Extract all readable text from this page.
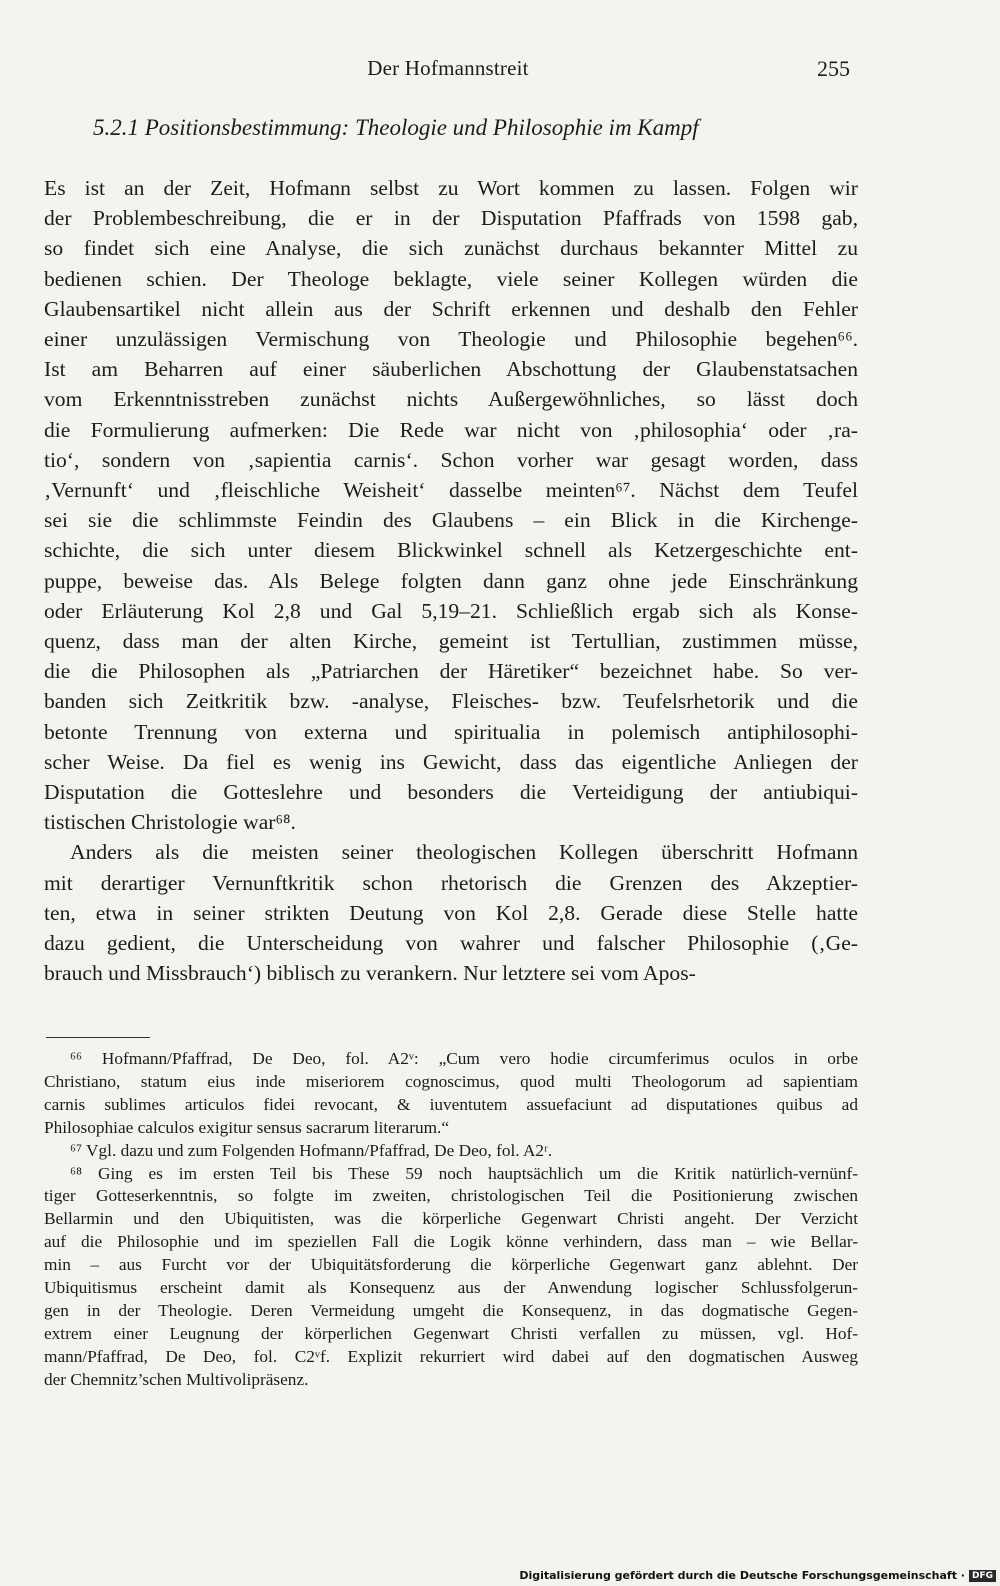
Der Hofmannstreit	255
5.2.1 Positionsbestimmung: Theologie und Philosophie im Kampf

Es ist an der Zeit, Hofmann selbst zu Wort kommen zu lassen. Folgen wir
der Problembeschreibung, die er in der Disputation Pfaffrads von 1598 gab,
so findet sich eine Analyse, die sich zunächst durchaus bekannter Mittel zu
bedienen schien. Der Theologe beklagte, viele seiner Kollegen würden die
Glaubensartikel nicht allein aus der Schrift erkennen und deshalb den Fehler
einer unzulässigen Vermischung von Theologie und Philosophie begehen⁶⁶.
Ist am Beharren auf einer säuberlichen Abschottung der Glaubenstatsachen
vom Erkenntnisstreben zunächst nichts Außergewöhnliches, so lässt doch
die Formulierung aufmerken: Die Rede war nicht von ‚philosophia‘ oder ‚ra-
tio‘, sondern von ‚sapientia carnis‘. Schon vorher war gesagt worden, dass
‚Vernunft‘ und ‚fleischliche Weisheit‘ dasselbe meinten⁶⁷. Nächst dem Teufel
sei sie die schlimmste Feindin des Glaubens – ein Blick in die Kirchenge-
schichte, die sich unter diesem Blickwinkel schnell als Ketzergeschichte ent-
puppe, beweise das. Als Belege folgten dann ganz ohne jede Einschränkung
oder Erläuterung Kol 2,8 und Gal 5,19–21. Schließlich ergab sich als Konse-
quenz, dass man der alten Kirche, gemeint ist Tertullian, zustimmen müsse,
die die Philosophen als „Patriarchen der Häretiker“ bezeichnet habe. So ver-
banden sich Zeitkritik bzw. -analyse, Fleisches- bzw. Teufelsrhetorik und die
betonte Trennung von externa und spiritualia in polemisch antiphilosophi-
scher Weise. Da fiel es wenig ins Gewicht, dass das eigentliche Anliegen der
Disputation die Gotteslehre und besonders die Verteidigung der antiubiqui-
tistischen Christologie war⁶⁸.

Anders als die meisten seiner theologischen Kollegen überschritt Hofmann
mit derartiger Vernunftkritik schon rhetorisch die Grenzen des Akzeptier-
ten, etwa in seiner strikten Deutung von Kol 2,8. Gerade diese Stelle hatte
dazu gedient, die Unterscheidung von wahrer und falscher Philosophie (‚Ge-
brauch und Missbrauch‘) biblisch zu verankern. Nur letztere sei vom Apos-

⁶⁶ Hofmann/Pfaffrad, De Deo, fol. A2ᵛ: „Cum vero hodie circumferimus oculos in orbe
Christiano, statum eius inde miseriorem cognoscimus, quod multi Theologorum ad sapientiam
carnis sublimes articulos fidei revocant, & iuventutem assuefaciunt ad disputationes quibus ad
Philosophiae calculos exigitur sensus sacrarum literarum.“
⁶⁷ Vgl. dazu und zum Folgenden Hofmann/Pfaffrad, De Deo, fol. A2ʳ.
⁶⁸ Ging es im ersten Teil bis These 59 noch hauptsächlich um die Kritik natürlich-vernünf-
tiger Gotteserkenntnis, so folgte im zweiten, christologischen Teil die Positionierung zwischen
Bellarmin und den Ubiquitisten, was die körperliche Gegenwart Christi angeht. Der Verzicht
auf die Philosophie und im speziellen Fall die Logik könne verhindern, dass man – wie Bellar-
min – aus Furcht vor der Ubiquitätsforderung die körperliche Gegenwart ganz ablehnt. Der
Ubiquitismus erscheint damit als Konsequenz aus der Anwendung logischer Schlussfolgerun-
gen in der Theologie. Deren Vermeidung umgeht die Konsequenz, in das dogmatische Gegen-
extrem einer Leugnung der körperlichen Gegenwart Christi verfallen zu müssen, vgl. Hof-
mann/Pfaffrad, De Deo, fol. C2ᵛf. Explizit rekurriert wird dabei auf den dogmatischen Ausweg
der Chemnitz’schen Multivolipräsenz.
Digitalisierung gefördert durch die Deutsche Forschungsgemeinschaft · DFG
